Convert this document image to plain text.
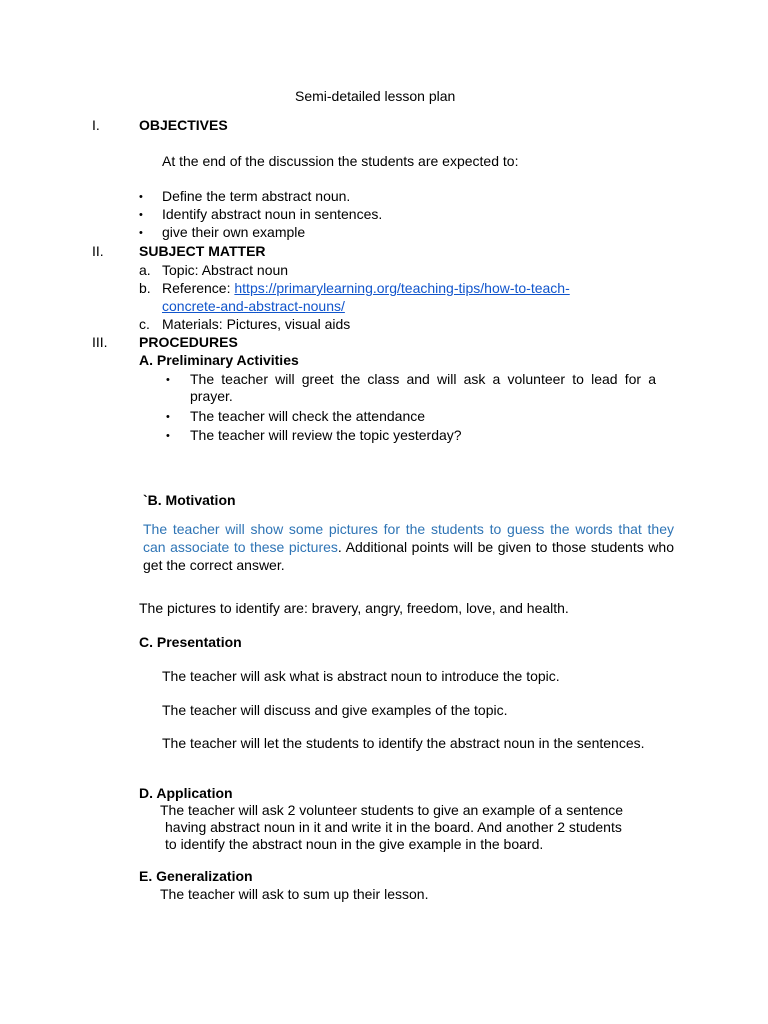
Semi-detailed lesson plan
I.	OBJECTIVES
At the end of the discussion the students are expected to:
• Define the term abstract noun.
• Identify abstract noun in sentences.
• give their own example
II.	SUBJECT MATTER
a. Topic: Abstract noun
b. Reference: https://primarylearning.org/teaching-tips/how-to-teach-
concrete-and-abstract-nouns/
c. Materials: Pictures, visual aids
III. PROCEDURES
A. Preliminary Activities
• The teacher will greet the class and will ask a volunteer to lead for a prayer.
• The teacher will check the attendance
• The teacher will review the topic yesterday?
`B. Motivation
The teacher will show some pictures for the students to guess the words that they can associate to these pictures. Additional points will be given to those students who get the correct answer.
The pictures to identify are: bravery, angry, freedom, love, and health.
C. Presentation
The teacher will ask what is abstract noun to introduce the topic.
The teacher will discuss and give examples of the topic.
The teacher will let the students to identify the abstract noun in the sentences.
D. Application
The teacher will ask 2 volunteer students to give an example of a sentence
having abstract noun in it and write it in the board. And another 2 students
to identify the abstract noun in the give example in the board.
E. Generalization
The teacher will ask to sum up their lesson.
